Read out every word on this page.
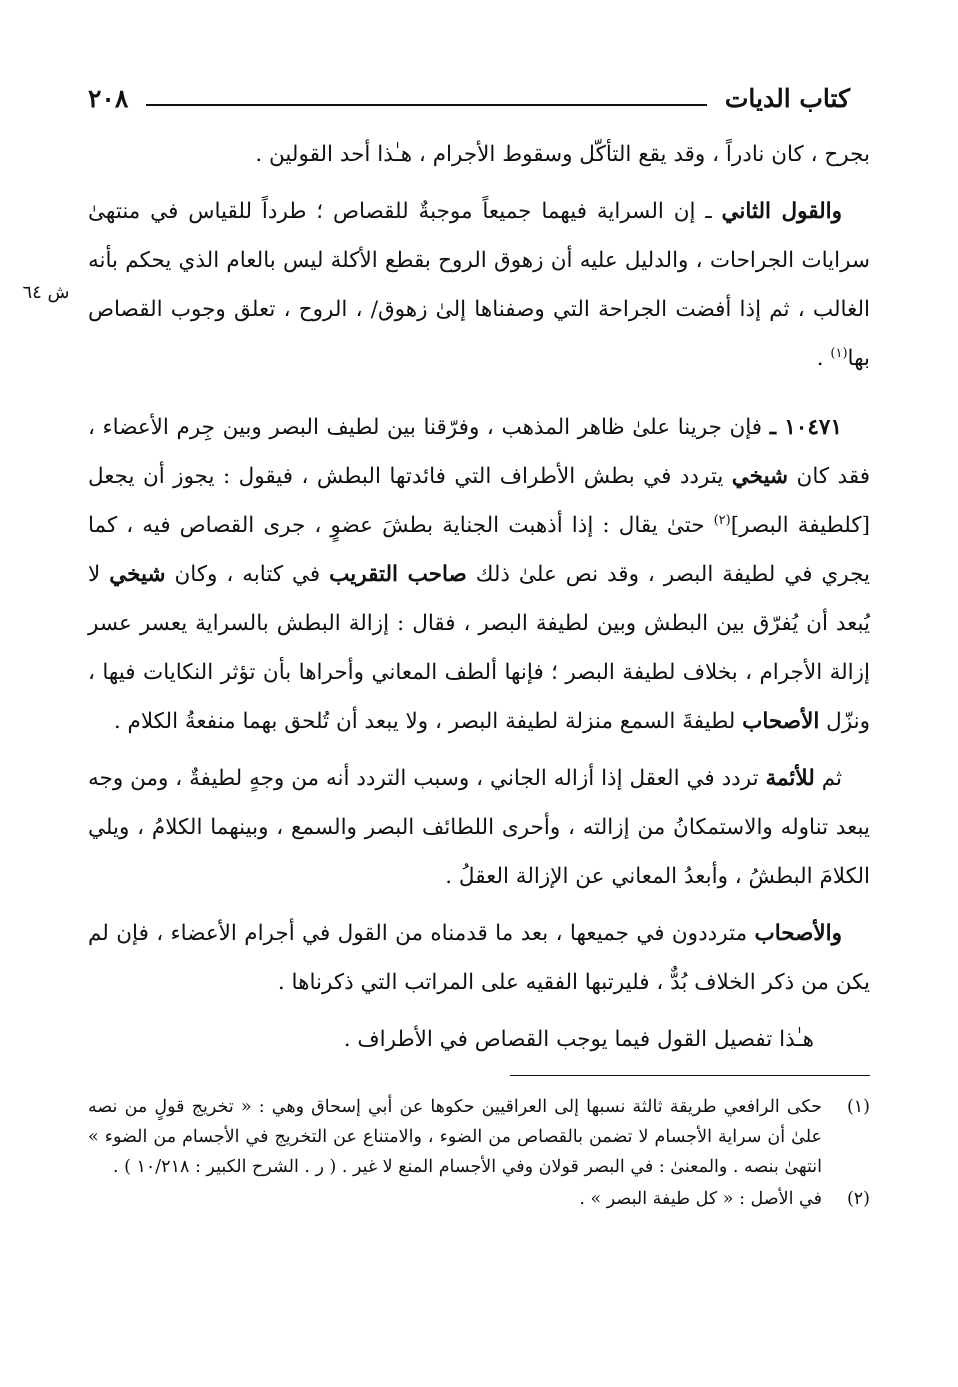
كتاب الديات
٢٠٨
ش ٦٤

بجرح ، كان نادراً ، وقد يقع التأكّل وسقوط الأجرام ، هـٰذا أحد القولين .

والقول الثاني ـ إن السراية فيهما جميعاً موجبةٌ للقصاص ؛ طرداً للقياس في منتهىٰ سرايات الجراحات ، والدليل عليه أن زهوق الروح بقطع الأكلة ليس بالعام الذي يحكم بأنه الغالب ، ثم إذا أفضت الجراحة التي وصفناها إلىٰ زهوق/ ، الروح ، تعلق وجوب القصاص بها$^{(١)}$ .

١٠٤٧١ ـ فإن جرينا علىٰ ظاهر المذهب ، وفرّقنا بين لطيف البصر وبين جِرم الأعضاء ، فقد كان شيخي يتردد في بطش الأطراف التي فائدتها البطش ، فيقول : يجوز أن يجعل [كلطيفة البصر]$^{(٢)}$ حتىٰ يقال : إذا أذهبت الجناية بطشَ عضوٍ ، جرى القصاص فيه ، كما يجري في لطيفة البصر ، وقد نص علىٰ ذلك صاحب التقريب في كتابه ، وكان شيخي لا يُبعد أن يُفرّق بين البطش وبين لطيفة البصر ، فقال : إزالة البطش بالسراية يعسر عسر إزالة الأجرام ، بخلاف لطيفة البصر ؛ فإنها ألطف المعاني وأحراها بأن تؤثر النكايات فيها ، ونزّل الأصحاب لطيفةَ السمع منزلة لطيفة البصر ، ولا يبعد أن تُلحق بهما منفعةُ الكلام .

ثم للأئمة تردد في العقل إذا أزاله الجاني ، وسبب التردد أنه من وجهٍ لطيفةٌ ، ومن وجه يبعد تناوله والاستمكانُ من إزالته ، وأحرى اللطائف البصر والسمع ، وبينهما الكلامُ ، ويلي الكلامَ البطشُ ، وأبعدُ المعاني عن الإزالة العقلُ .

والأصحاب مترددون في جميعها ، بعد ما قدمناه من القول في أجرام الأعضاء ، فإن لم يكن من ذكر الخلاف بُدٌّ ، فليرتبها الفقيه على المراتب التي ذكرناها .

هـٰذا تفصيل القول فيما يوجب القصاص في الأطراف .

(١)
حكى الرافعي طريقة ثالثة نسبها إلى العراقيين حكوها عن أبي إسحاق وهي : « تخريج قولٍ من نصه علىٰ أن سراية الأجسام لا تضمن بالقصاص من الضوء ، والامتناع عن التخريج في الأجسام من الضوء » انتهىٰ بنصه . والمعنىٰ : في البصر قولان وفي الأجسام المنع لا غير . ( ر . الشرح الكبير : ١٠/٢١٨ ) .
(٢)
في الأصل : « كل طيفة البصر » .
